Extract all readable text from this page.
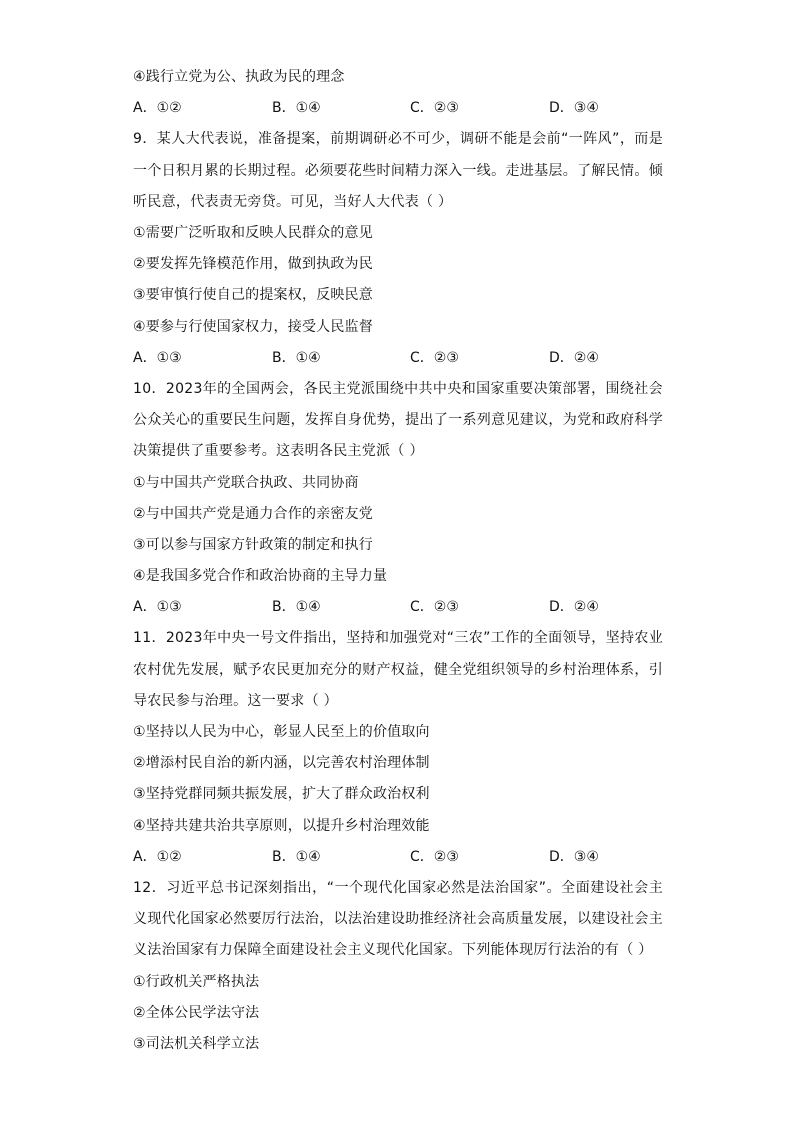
④践行立党为公、执政为民的理念
A．①②	B．①④	C．②③	D．③④
9．某人大代表说，准备提案，前期调研必不可少，调研不能是会前“一阵风”，而是一个日积月累的长期过程。必须要花些时间精力深入一线。走进基层。了解民情。倾听民意，代表责无旁贷。可见，当好人大代表（ ）
①需要广泛听取和反映人民群众的意见
②要发挥先锋模范作用，做到执政为民
③要审慎行使自己的提案权，反映民意
④要参与行使国家权力，接受人民监督
A．①③	B．①④	C．②③	D．②④
10．2023年的全国两会，各民主党派围绕中共中央和国家重要决策部署，围绕社会公众关心的重要民生问题，发挥自身优势，提出了一系列意见建议，为党和政府科学决策提供了重要参考。这表明各民主党派（ ）
①与中国共产党联合执政、共同协商
②与中国共产党是通力合作的亲密友党
③可以参与国家方针政策的制定和执行
④是我国多党合作和政治协商的主导力量
A．①③	B．①④	C．②③	D．②④
11．2023年中央一号文件指出，坚持和加强党对“三农”工作的全面领导，坚持农业农村优先发展，赋予农民更加充分的财产权益，健全党组织领导的乡村治理体系，引导农民参与治理。这一要求（ ）
①坚持以人民为中心，彰显人民至上的价值取向
②增添村民自治的新内涵，以完善农村治理体制
③坚持党群同频共振发展，扩大了群众政治权利
④坚持共建共治共享原则，以提升乡村治理效能
A．①②	B．①④	C．②③	D．③④
12．习近平总书记深刻指出，“一个现代化国家必然是法治国家”。全面建设社会主义现代化国家必然要厉行法治，以法治建设助推经济社会高质量发展，以建设社会主义法治国家有力保障全面建设社会主义现代化国家。下列能体现厉行法治的有（ ）
①行政机关严格执法
②全体公民学法守法
③司法机关科学立法
